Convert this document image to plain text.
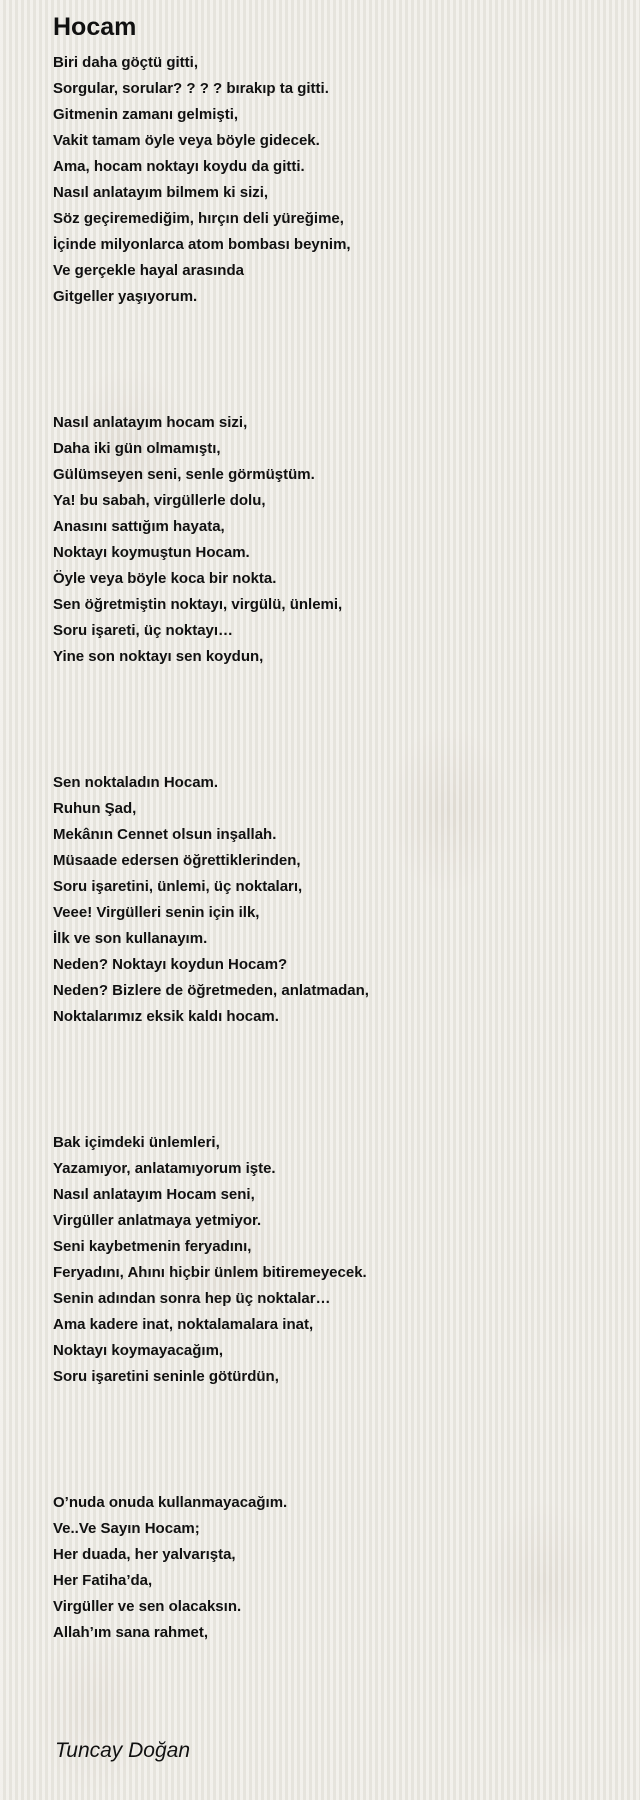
Hocam
Biri daha göçtü gitti,
Sorgular, sorular? ? ? ? bırakıp ta gitti.
Gitmenin zamanı gelmişti,
Vakit tamam öyle veya böyle gidecek.
Ama, hocam noktayı koydu da gitti.
Nasıl anlatayım bilmem ki sizi,
Söz geçiremediğim, hırçın deli yüreğime,
İçinde milyonlarca atom bombası beynim,
Ve gerçekle hayal arasında
Gitgeller yaşıyorum.
Nasıl anlatayım hocam sizi,
Daha iki gün olmamıştı,
Gülümseyen seni, senle görmüştüm.
Ya! bu sabah, virgüllerle dolu,
Anasını sattığım hayata,
Noktayı koymuştun Hocam.
Öyle veya böyle koca bir nokta.
Sen öğretmiştin noktayı, virgülü, ünlemi,
Soru işareti, üç noktayı…
Yine son noktayı sen koydun,
Sen noktaladın Hocam.
Ruhun Şad,
Mekânın Cennet olsun inşallah.
Müsaade edersen öğrettiklerinden,
Soru işaretini, ünlemi, üç noktaları,
Veee! Virgülleri senin için ilk,
İlk ve son kullanayım.
Neden? Noktayı koydun Hocam?
Neden? Bizlere de öğretmeden, anlatmadan,
Noktalarımız eksik kaldı hocam.
Bak içimdeki ünlemleri,
Yazamıyor, anlatamıyorum işte.
Nasıl anlatayım Hocam seni,
Virgüller anlatmaya yetmiyor.
Seni kaybetmenin feryadını,
Feryadını, Ahını hiçbir ünlem bitiremeyecek.
Senin adından sonra hep üç noktalar…
Ama kadere inat, noktalamalara inat,
Noktayı koymayacağım,
Soru işaretini seninle götürdün,
O’nuda onuda kullanmayacağım.
Ve..Ve Sayın Hocam;
Her duada, her yalvarışta,
Her Fatiha’da,
Virgüller ve sen olacaksın.
Allah’ım sana rahmet,
Tuncay Doğan
